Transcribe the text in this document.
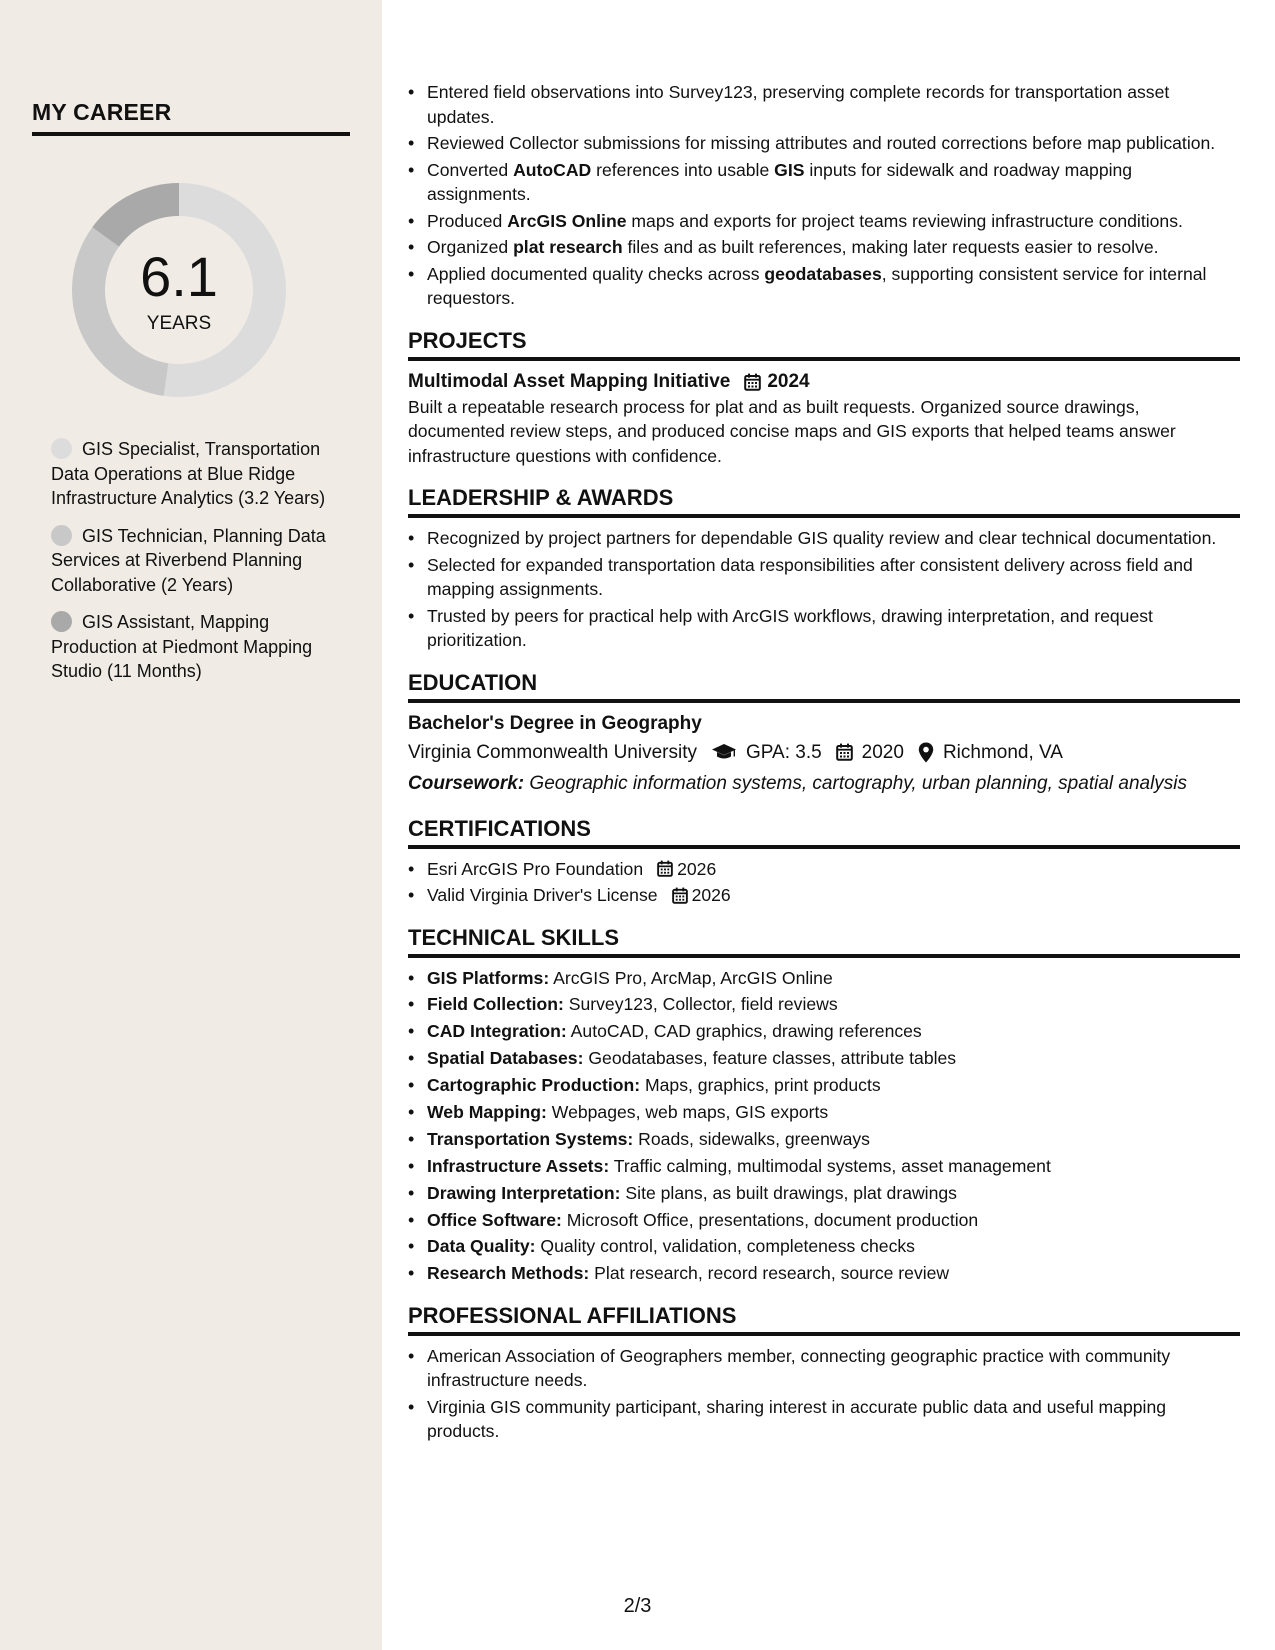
MY CAREER
6.1
YEARS
GIS Specialist, Transportation Data Operations at Blue Ridge Infrastructure Analytics (3.2 Years)
GIS Technician, Planning Data Services at Riverbend Planning Collaborative (2 Years)
GIS Assistant, Mapping Production at Piedmont Mapping Studio (11 Months)
• Entered field observations into Survey123, preserving complete records for transportation asset updates.
• Reviewed Collector submissions for missing attributes and routed corrections before map publication.
• Converted AutoCAD references into usable GIS inputs for sidewalk and roadway mapping assignments.
• Produced ArcGIS Online maps and exports for project teams reviewing infrastructure conditions.
• Organized plat research files and as built references, making later requests easier to resolve.
• Applied documented quality checks across geodatabases, supporting consistent service for internal requestors.
PROJECTS
Multimodal Asset Mapping Initiative 2024
Built a repeatable research process for plat and as built requests. Organized source drawings, documented review steps, and produced concise maps and GIS exports that helped teams answer infrastructure questions with confidence.
LEADERSHIP & AWARDS
• Recognized by project partners for dependable GIS quality review and clear technical documentation.
• Selected for expanded transportation data responsibilities after consistent delivery across field and mapping assignments.
• Trusted by peers for practical help with ArcGIS workflows, drawing interpretation, and request prioritization.
EDUCATION
Bachelor's Degree in Geography
Virginia Commonwealth University	GPA: 3.5 2020 Richmond, VA
Coursework: Geographic information systems, cartography, urban planning, spatial analysis
CERTIFICATIONS
• Esri ArcGIS Pro Foundation 2026
• Valid Virginia Driver's License 2026
TECHNICAL SKILLS
• GIS Platforms: ArcGIS Pro, ArcMap, ArcGIS Online
• Field Collection: Survey123, Collector, field reviews
• CAD Integration: AutoCAD, CAD graphics, drawing references
• Spatial Databases: Geodatabases, feature classes, attribute tables
• Cartographic Production: Maps, graphics, print products
• Web Mapping: Webpages, web maps, GIS exports
• Transportation Systems: Roads, sidewalks, greenways
• Infrastructure Assets: Traffic calming, multimodal systems, asset management
• Drawing Interpretation: Site plans, as built drawings, plat drawings
• Office Software: Microsoft Office, presentations, document production
• Data Quality: Quality control, validation, completeness checks
• Research Methods: Plat research, record research, source review
PROFESSIONAL AFFILIATIONS
• American Association of Geographers member, connecting geographic practice with community infrastructure needs.
• Virginia GIS community participant, sharing interest in accurate public data and useful mapping products.
2/3
